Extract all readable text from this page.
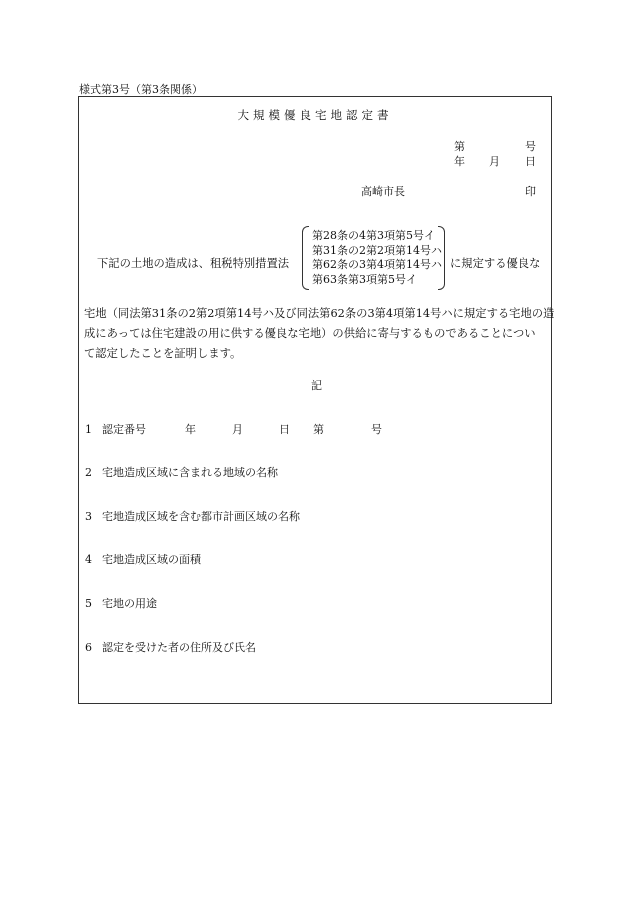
様式第3号（第3条関係）
大規模優良宅地認定書
第	号
年 月 日
高崎市長	印
下記の土地の造成は、租税特別措置法
第28条の4第3項第5号イ
第31条の2第2項第14号ハ
第62条の3第4項第14号ハ
第63条第3項第5号イ
に規定する優良な
宅地（同法第31条の2第2項第14号ハ及び同法第62条の3第4項第14号ハに規定する宅地の造
成にあっては住宅建設の用に供する優良な宅地）の供給に寄与するものであることについ
て認定したことを証明します。
記
1 認定番号	年	月	日 第	号
2 宅地造成区域に含まれる地域の名称
3 宅地造成区域を含む都市計画区域の名称
4 宅地造成区域の面積
5 宅地の用途
6 認定を受けた者の住所及び氏名
